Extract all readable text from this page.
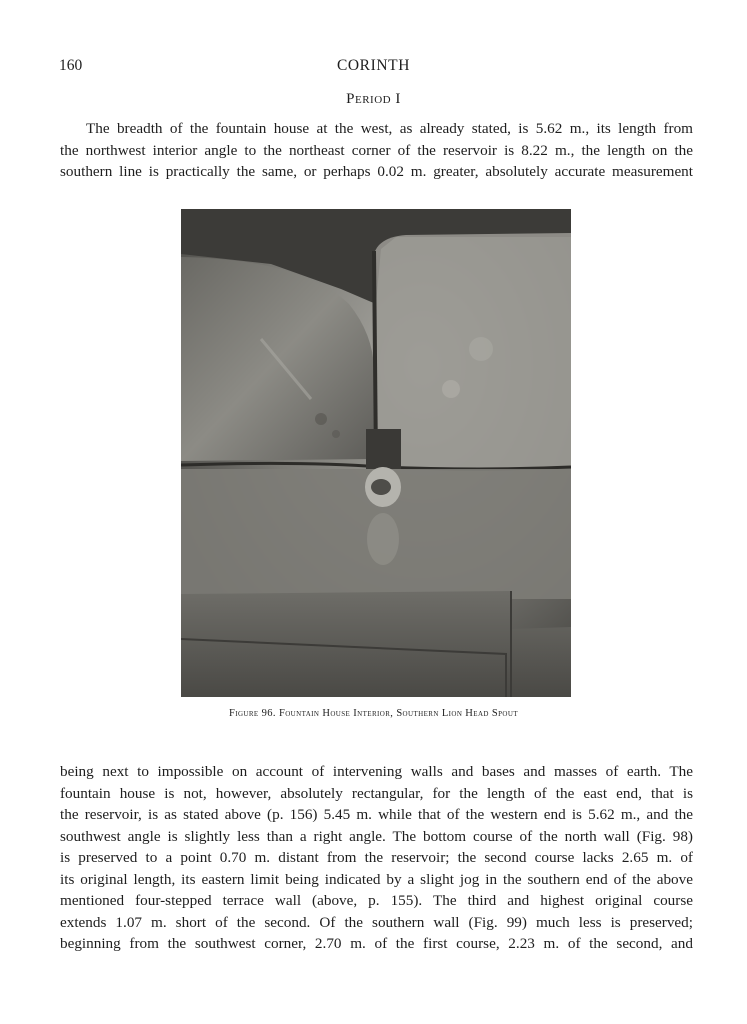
160	CORINTH
Period I
The breadth of the fountain house at the west, as already stated, is 5.62 m., its length from
the northwest interior angle to the northeast corner of the reservoir is 8.22 m., the length on the
southern line is practically the same, or perhaps 0.02 m. greater, absolutely accurate measurement
Figure 96. Fountain House Interior, Southern Lion Head Spout
being next to impossible on account of intervening walls and bases and masses of earth. The
fountain house is not, however, absolutely rectangular, for the length of the east end, that is
the reservoir, is as stated above (p. 156) 5.45 m. while that of the western end is 5.62 m., and the
southwest angle is slightly less than a right angle. The bottom course of the north wall (Fig. 98)
is preserved to a point 0.70 m. distant from the reservoir; the second course lacks 2.65 m. of
its original length, its eastern limit being indicated by a slight jog in the southern end of the above
mentioned four-stepped terrace wall (above, p. 155). The third and highest original course
extends 1.07 m. short of the second. Of the southern wall (Fig. 99) much less is preserved;
beginning from the southwest corner, 2.70 m. of the first course, 2.23 m. of the second, and
